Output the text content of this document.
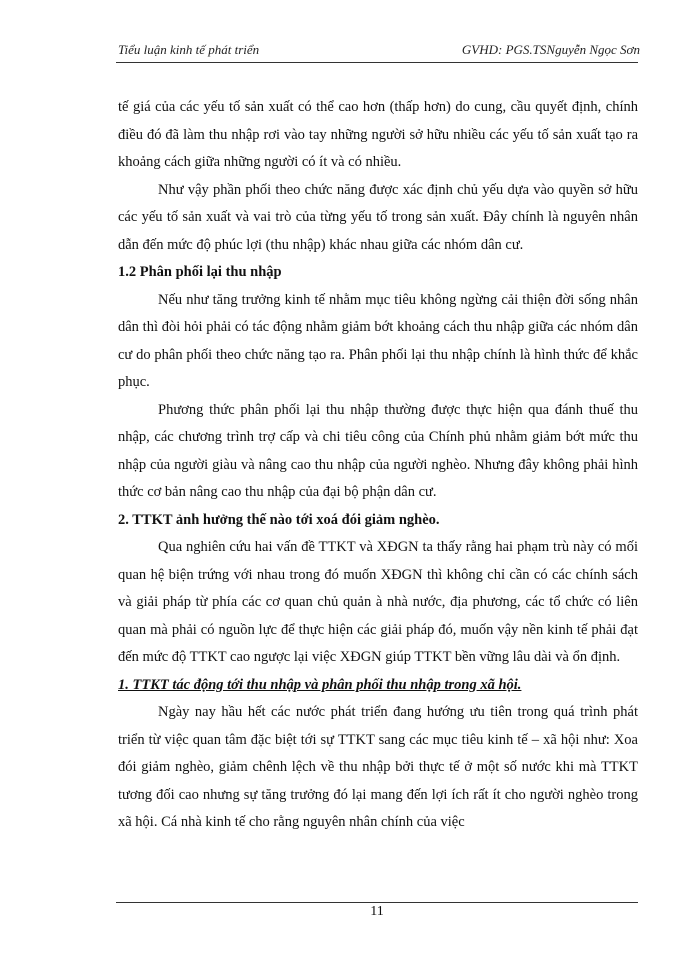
Tiểu luận kinh tế phát triển	GVHD: PGS.TSNguyễn Ngọc Sơn

tế giá của các yếu tố sản xuất có thể cao hơn (thấp hơn) do cung, cầu quyết định, chính điều đó đã làm thu nhập rơi vào tay những người sở hữu nhiều các yếu tố sản xuất tạo ra khoảng cách giữa những người có ít và có nhiều.

Như vậy phần phối theo chức năng được xác định chủ yếu dựa vào quyền sở hữu các yếu tố sản xuất và vai trò của từng yếu tố trong sản xuất. Đây chính là nguyên nhân dẫn đến mức độ phúc lợi (thu nhập) khác nhau giữa các nhóm dân cư.

1.2 Phân phối lại thu nhập

Nếu như tăng trưởng kinh tế nhằm mục tiêu không ngừng cải thiện đời sống nhân dân thì đòi hỏi phải có tác động nhằm giảm bớt khoảng cách thu nhập giữa các nhóm dân cư do phân phối theo chức năng tạo ra. Phân phối lại thu nhập chính là hình thức để khắc phục.

Phương thức phân phối lại thu nhập thường được thực hiện qua đánh thuế thu nhập, các chương trình trợ cấp và chi tiêu công của Chính phủ nhằm giảm bớt mức thu nhập của người giàu và nâng cao thu nhập của người nghèo. Nhưng đây không phải hình thức cơ bản nâng cao thu nhập của đại bộ phận dân cư.

2. TTKT ảnh hưởng thế nào tới xoá đói giảm nghèo.

Qua nghiên cứu hai vấn đề TTKT và XĐGN ta thấy rằng hai phạm trù này có mối quan hệ biện trứng với nhau trong đó muốn XĐGN thì không chỉ cần có các chính sách và giải pháp từ phía các cơ quan chủ quản à nhà nước, địa phương, các tổ chức có liên quan mà phải có nguồn lực để thực hiện các giải pháp đó, muốn vậy nền kinh tế phải đạt đến mức độ TTKT cao ngược lại việc XĐGN giúp TTKT bền vững lâu dài và ổn định.

1. TTKT tác động tới thu nhập và phân phối thu nhập trong xã hội.

Ngày nay hầu hết các nước phát triển đang hướng ưu tiên trong quá trình phát triển từ việc quan tâm đặc biệt tới sự TTKT sang các mục tiêu kinh tế – xã hội như: Xoa đói giảm nghèo, giảm chênh lệch về thu nhập bởi thực tế ở một số nước khi mà TTKT tương đối cao nhưng sự tăng trưởng đó lại mang đến lợi ích rất ít cho người nghèo trong xã hội. Cá nhà kinh tế cho rằng nguyên nhân chính của việc

11
